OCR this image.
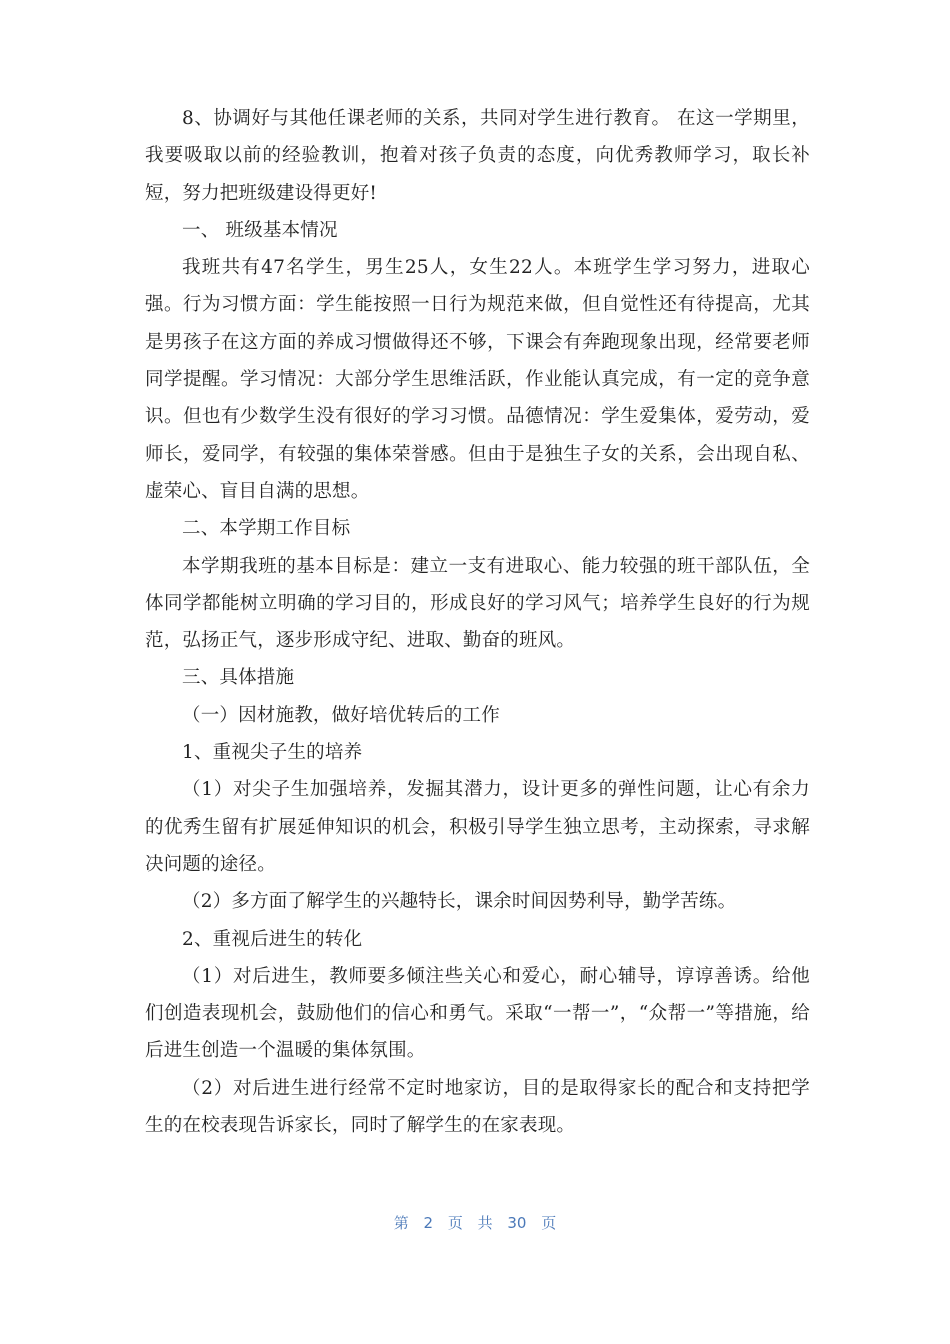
8、协调好与其他任课老师的关系，共同对学生进行教育。 在这一学期里，我要吸取以前的经验教训，抱着对孩子负责的态度，向优秀教师学习，取长补短，努力把班级建设得更好!

一、 班级基本情况

我班共有47名学生，男生25人，女生22人。本班学生学习努力，进取心强。行为习惯方面：学生能按照一日行为规范来做，但自觉性还有待提高，尤其是男孩子在这方面的养成习惯做得还不够，下课会有奔跑现象出现，经常要老师同学提醒。学习情况：大部分学生思维活跃，作业能认真完成，有一定的竞争意识。但也有少数学生没有很好的学习习惯。品德情况：学生爱集体，爱劳动，爱师长，爱同学，有较强的集体荣誉感。但由于是独生子女的关系，会出现自私、虚荣心、盲目自满的思想。

二、本学期工作目标

本学期我班的基本目标是：建立一支有进取心、能力较强的班干部队伍，全体同学都能树立明确的学习目的，形成良好的学习风气；培养学生良好的行为规范，弘扬正气，逐步形成守纪、进取、勤奋的班风。

三、具体措施

（一）因材施教，做好培优转后的工作

1、重视尖子生的培养

（1）对尖子生加强培养，发掘其潜力，设计更多的弹性问题，让心有余力的优秀生留有扩展延伸知识的机会，积极引导学生独立思考，主动探索，寻求解决问题的途径。

（2）多方面了解学生的兴趣特长，课余时间因势利导，勤学苦练。

2、重视后进生的转化

（1）对后进生，教师要多倾注些关心和爱心，耐心辅导，谆谆善诱。给他们创造表现机会，鼓励他们的信心和勇气。采取“一帮一”，“众帮一”等措施，给后进生创造一个温暖的集体氛围。

（2）对后进生进行经常不定时地家访，目的是取得家长的配合和支持把学生的在校表现告诉家长，同时了解学生的在家表现。

第 2 页 共 30 页
